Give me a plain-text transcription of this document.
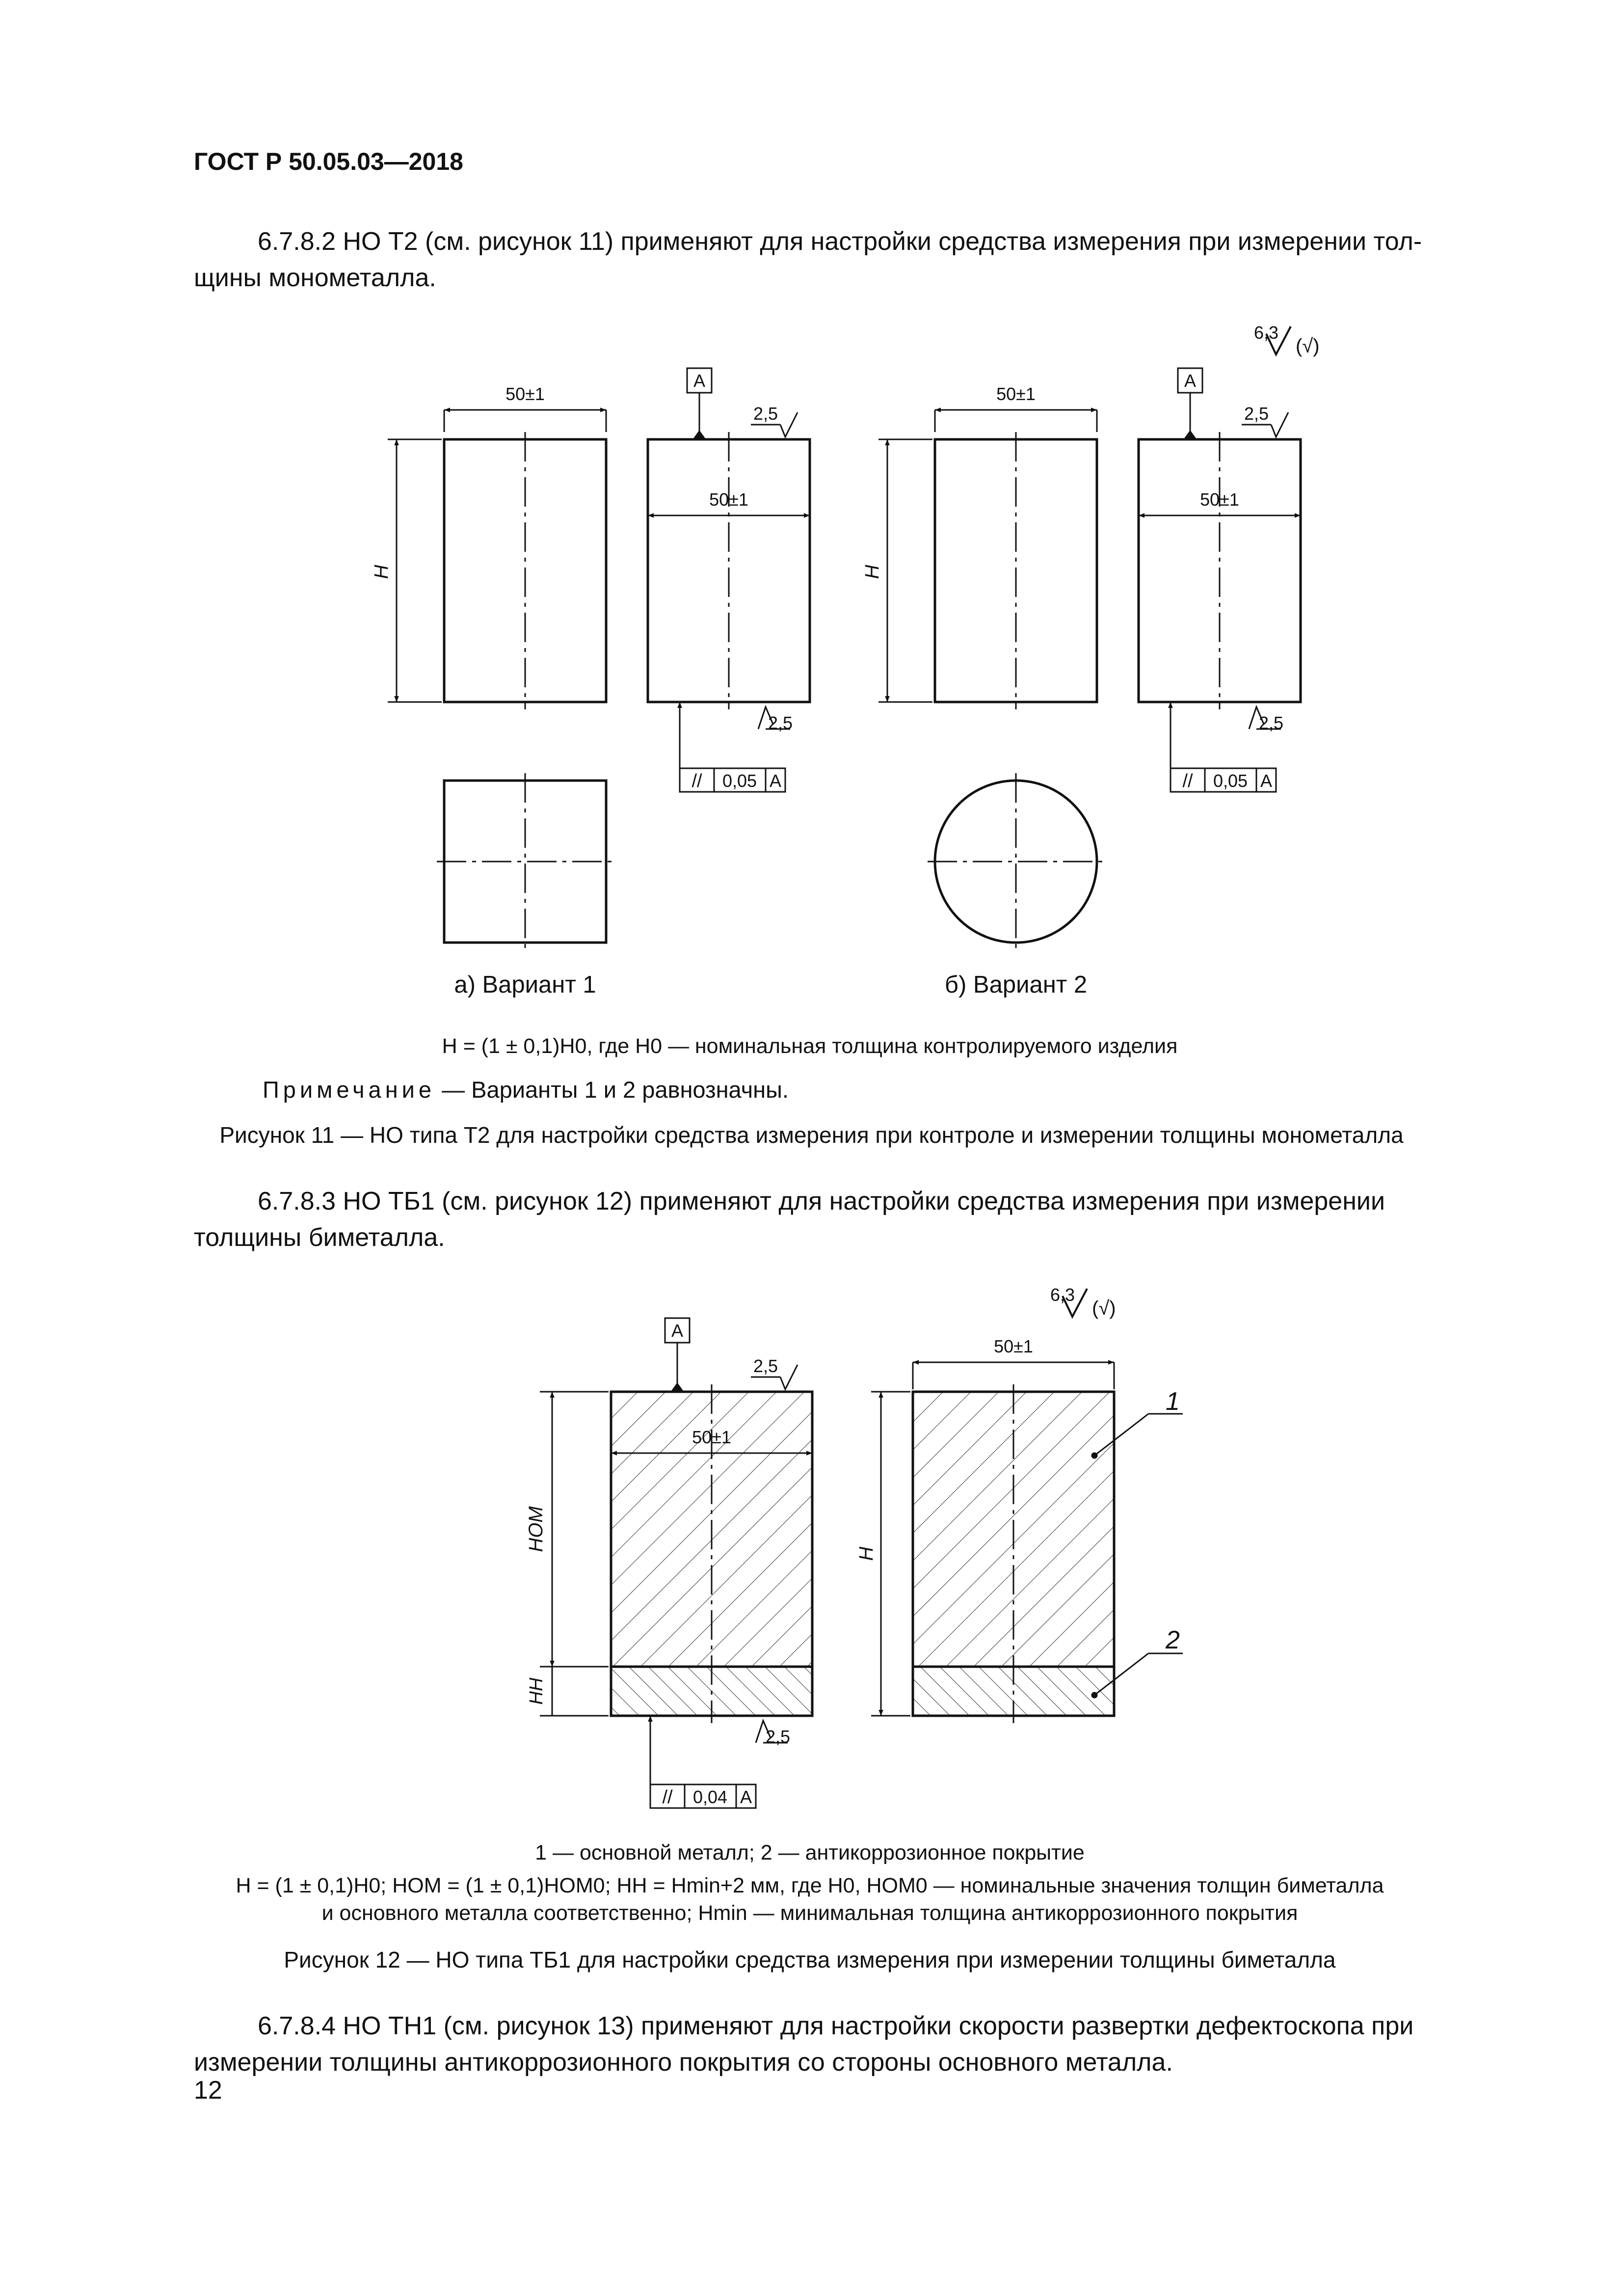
ГОСТ Р 50.05.03—2018
6.7.8.2 НО Т2 (см. рисунок 11) применяют для настройки средства измерения при измерении тол-
щины монометалла.
6,3
(√)
50±1
50±1
A
2,5
2,5
H
// 0,05 A
50±1
50±1
A
2,5
2,5
H
// 0,05 A
а) Вариант 1	б) Вариант 2
H = (1 ± 0,1)H0, где H0 — номинальная толщина контролируемого изделия
Примечание — Варианты 1 и 2 равнозначны.
Рисунок 11 — НО типа Т2 для настройки средства измерения при контроле и измерении толщины монометалла
6.7.8.3 НО ТБ1 (см. рисунок 12) применяют для настройки средства измерения при измерении
толщины биметалла.
6,3
(√)
A
2,5
2,5
50±1
50±1
HОМ
HН
H
// 0,04 A
1
2
1 — основной металл; 2 — антикоррозионное покрытие
H = (1 ± 0,1)H0; HОМ = (1 ± 0,1)HОМ0; HН = Hmin+2 мм, где H0, HОМ0 — номинальные значения толщин биметалла
и основного металла соответственно; Hmin — минимальная толщина антикоррозионного покрытия
Рисунок 12 — НО типа ТБ1 для настройки средства измерения при измерении толщины биметалла
6.7.8.4 НО ТН1 (см. рисунок 13) применяют для настройки скорости развертки дефектоскопа при
измерении толщины антикоррозионного покрытия со стороны основного металла.
12
